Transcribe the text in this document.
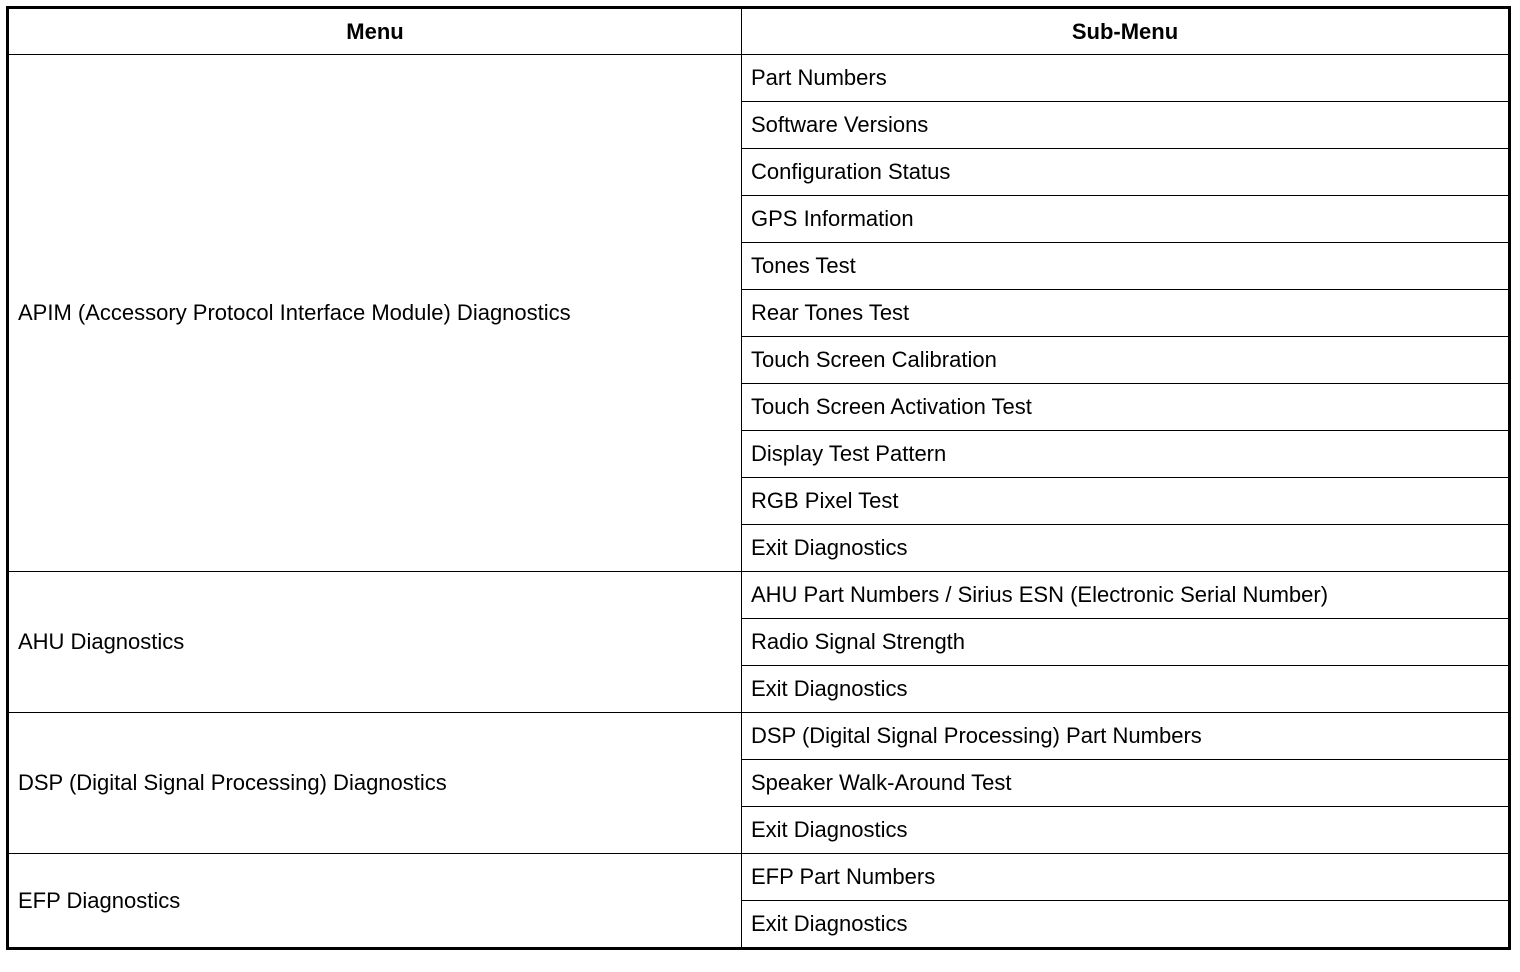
Menu	Sub-Menu
APIM (Accessory Protocol Interface Module) Diagnostics	Part Numbers
	Software Versions
	Configuration Status
	GPS Information
	Tones Test
	Rear Tones Test
	Touch Screen Calibration
	Touch Screen Activation Test
	Display Test Pattern
	RGB Pixel Test
	Exit Diagnostics
AHU Diagnostics	AHU Part Numbers / Sirius ESN (Electronic Serial Number)
	Radio Signal Strength
	Exit Diagnostics
DSP (Digital Signal Processing) Diagnostics	DSP (Digital Signal Processing) Part Numbers
	Speaker Walk-Around Test
	Exit Diagnostics
EFP Diagnostics	EFP Part Numbers
	Exit Diagnostics
